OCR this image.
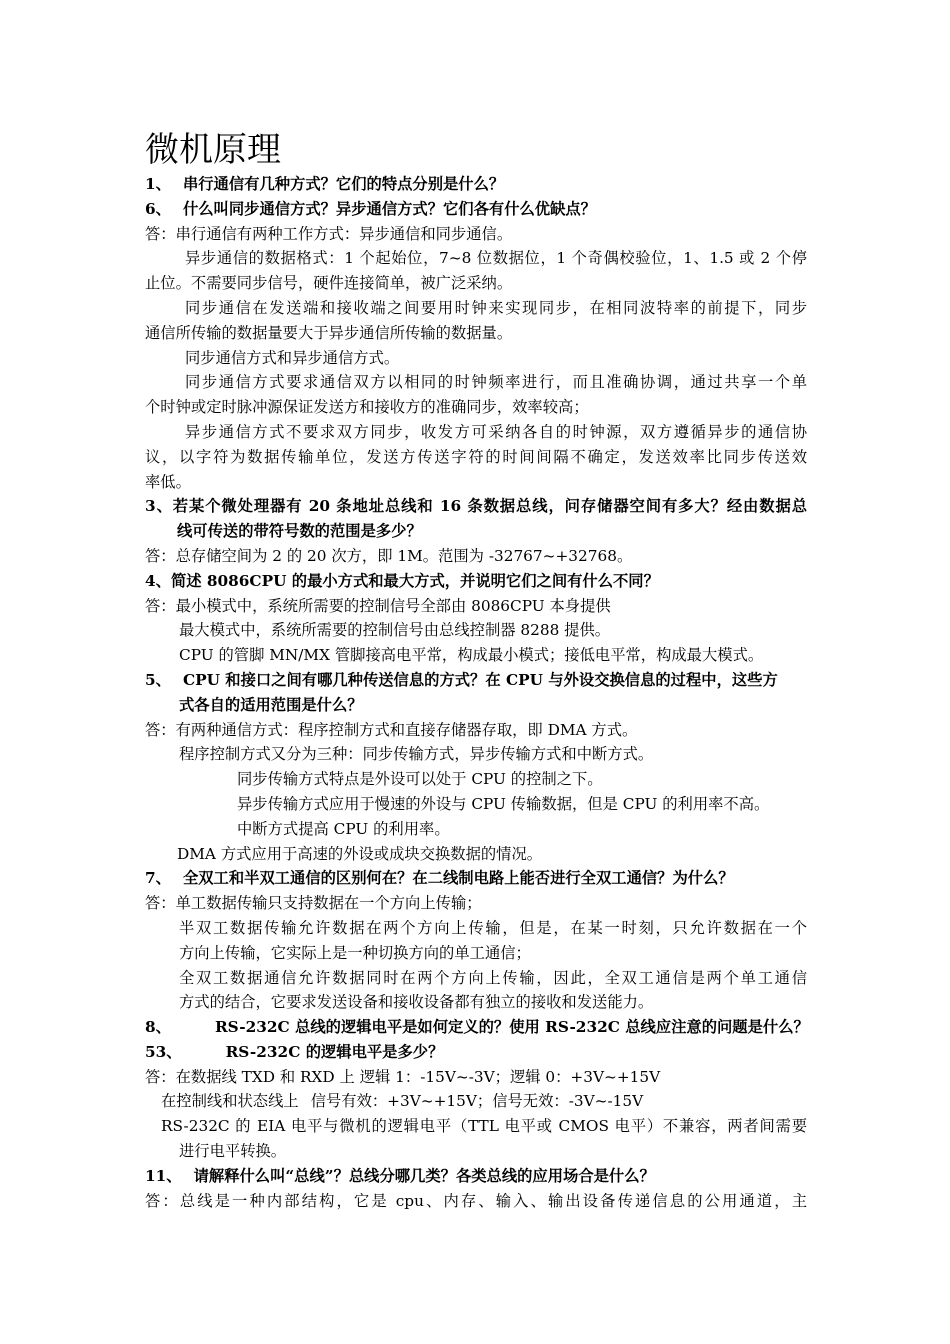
微机原理
1、 串行通信有几种方式？它们的特点分别是什么？
6、 什么叫同步通信方式？异步通信方式？它们各有什么优缺点？
答：串行通信有两种工作方式：异步通信和同步通信。
异步通信的数据格式：1 个起始位，7~8 位数据位，1 个奇偶校验位，1、1.5 或 2 个停
止位。不需要同步信号，硬件连接简单，被广泛采纳。
同步通信在发送端和接收端之间要用时钟来实现同步，在相同波特率的前提下，同步
通信所传输的数据量要大于异步通信所传输的数据量。
同步通信方式和异步通信方式。
同步通信方式要求通信双方以相同的时钟频率进行，而且准确协调，通过共享一个单
个时钟或定时脉冲源保证发送方和接收方的准确同步，效率较高；
异步通信方式不要求双方同步，收发方可采纳各自的时钟源，双方遵循异步的通信协
议，以字符为数据传输单位，发送方传送字符的时间间隔不确定，发送效率比同步传送效
率低。
3、若某个微处理器有 20 条地址总线和 16 条数据总线，问存储器空间有多大？经由数据总
线可传送的带符号数的范围是多少？
答：总存储空间为 2 的 20 次方，即 1M。范围为 -32767~+32768。
4、简述 8086CPU 的最小方式和最大方式，并说明它们之间有什么不同？
答：最小模式中，系统所需要的控制信号全部由 8086CPU 本身提供
最大模式中，系统所需要的控制信号由总线控制器 8288 提供。
CPU 的管脚 MN/MX 管脚接高电平常，构成最小模式；接低电平常，构成最大模式。
5、 CPU 和接口之间有哪几种传送信息的方式？在 CPU 与外设交换信息的过程中，这些方
式各自的适用范围是什么？
答：有两种通信方式：程序控制方式和直接存储器存取，即 DMA 方式。
程序控制方式又分为三种：同步传输方式，异步传输方式和中断方式。
同步传输方式特点是外设可以处于 CPU 的控制之下。
异步传输方式应用于慢速的外设与 CPU 传输数据，但是 CPU 的利用率不高。
中断方式提高 CPU 的利用率。
DMA 方式应用于高速的外设或成块交换数据的情况。
7、 全双工和半双工通信的区别何在？在二线制电路上能否进行全双工通信？为什么？
答：单工数据传输只支持数据在一个方向上传输；
半双工数据传输允许数据在两个方向上传输，但是，在某一时刻，只允许数据在一个
方向上传输，它实际上是一种切换方向的单工通信；
全双工数据通信允许数据同时在两个方向上传输，因此，全双工通信是两个单工通信
方式的结合，它要求发送设备和接收设备都有独立的接收和发送能力。
8、	RS-232C 总线的逻辑电平是如何定义的？使用 RS-232C 总线应注意的问题是什么？
53、	RS-232C 的逻辑电平是多少？
答：在数据线 TXD 和 RXD 上 逻辑 1：-15V~-3V；逻辑 0：+3V~+15V
在控制线和状态线上 信号有效：+3V~+15V；信号无效：-3V~-15V
RS-232C 的 EIA 电平与微机的逻辑电平（TTL 电平或 CMOS 电平）不兼容，两者间需要
进行电平转换。
11、 请解释什么叫“总线”？总线分哪几类？各类总线的应用场合是什么？
答：总线是一种内部结构，它是 cpu、内存、输入、输出设备传递信息的公用通道，主
